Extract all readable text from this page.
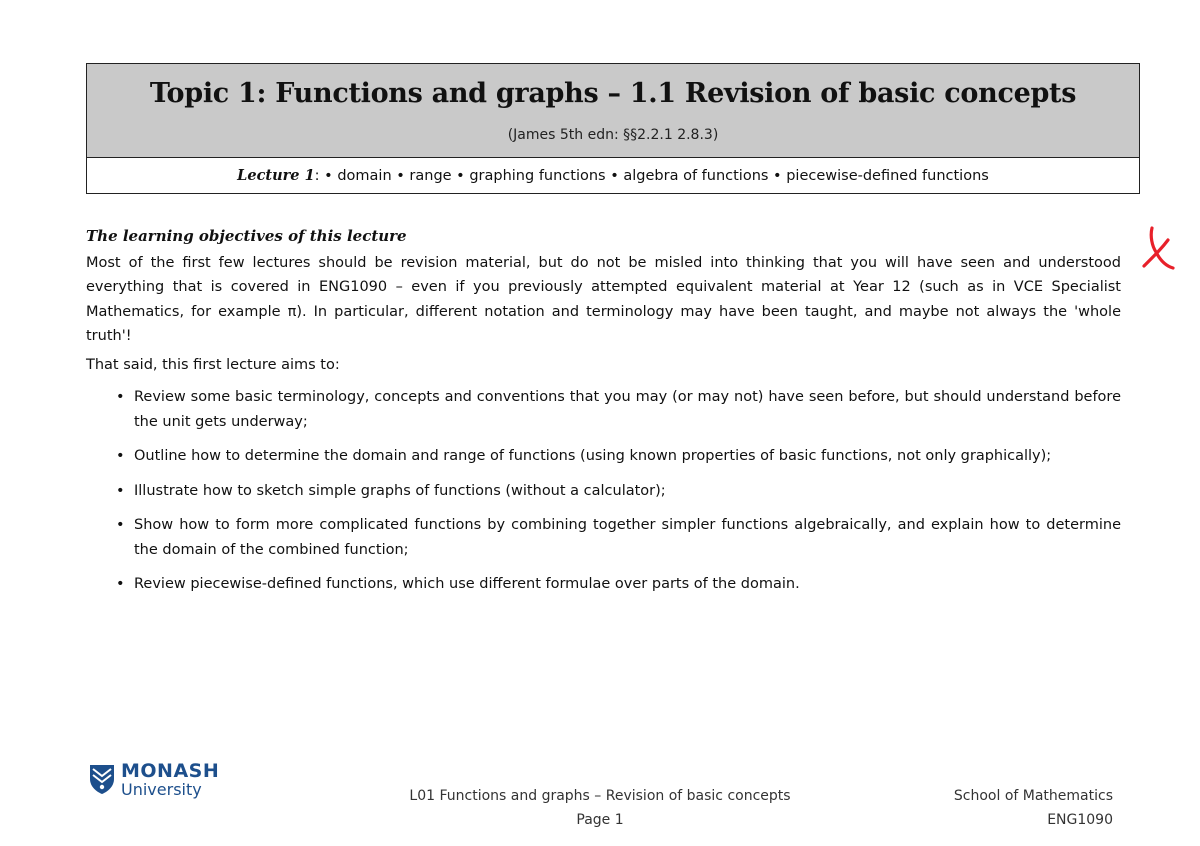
Topic 1: Functions and graphs – 1.1 Revision of basic concepts
(James 5th edn: §§2.2.1 2.8.3)
Lecture 1: • domain • range • graphing functions • algebra of functions • piecewise-defined functions
The learning objectives of this lecture

Most of the first few lectures should be revision material, but do not be misled into thinking that you will have seen and understood everything that is covered in ENG1090 – even if you previously attempted equivalent material at Year 12 (such as in VCE Specialist Mathematics, for example π). In particular, different notation and terminology may have been taught, and maybe not always the 'whole truth'!

That said, this first lecture aims to:

• Review some basic terminology, concepts and conventions that you may (or may not) have seen before, but should understand before the unit gets underway;
• Outline how to determine the domain and range of functions (using known properties of basic functions, not only graphically);
• Illustrate how to sketch simple graphs of functions (without a calculator);
• Show how to form more complicated functions by combining together simpler functions algebraically, and explain how to determine the domain of the combined function;
• Review piecewise-defined functions, which use different formulae over parts of the domain.
MONASH
University	L01 Functions and graphs – Revision of basic concepts
Page 1
School of Mathematics
ENG1090
